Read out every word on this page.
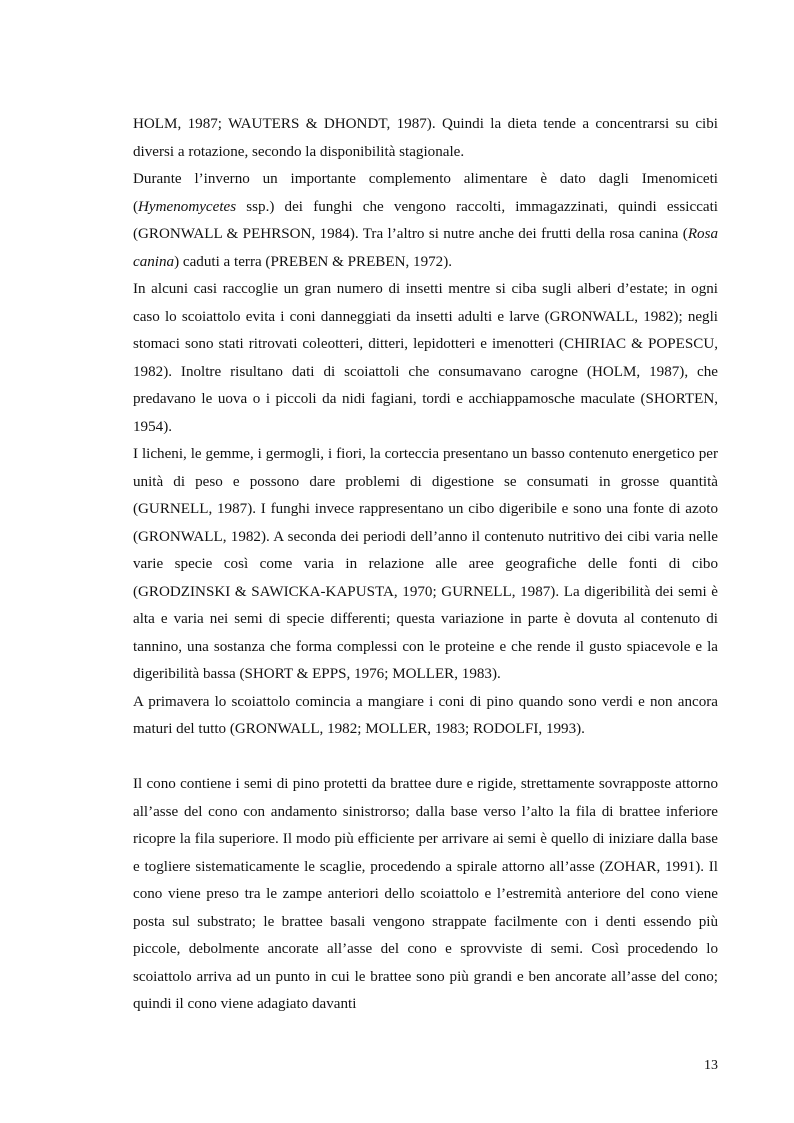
HOLM, 1987; WAUTERS & DHONDT, 1987). Quindi la dieta tende a concentrarsi su cibi diversi a rotazione, secondo la disponibilità stagionale.

Durante l’inverno un importante complemento alimentare è dato dagli Imenomiceti (Hymenomycetes ssp.) dei funghi che vengono raccolti, immagazzinati, quindi essiccati (GRONWALL & PEHRSON, 1984). Tra l’altro si nutre anche dei frutti della rosa canina (Rosa canina) caduti a terra (PREBEN & PREBEN, 1972).

In alcuni casi raccoglie un gran numero di insetti mentre si ciba sugli alberi d’estate; in ogni caso lo scoiattolo evita i coni danneggiati da insetti adulti e larve (GRONWALL, 1982); negli stomaci sono stati ritrovati coleotteri, ditteri, lepidotteri e imenotteri (CHIRIAC & POPESCU, 1982). Inoltre risultano dati di scoiattoli che consumavano carogne (HOLM, 1987), che predavano le uova o i piccoli da nidi fagiani, tordi e acchiappamosche maculate (SHORTEN, 1954).

I licheni, le gemme, i germogli, i fiori, la corteccia presentano un basso contenuto energetico per unità di peso e possono dare problemi di digestione se consumati in grosse quantità (GURNELL, 1987). I funghi invece rappresentano un cibo digeribile e sono una fonte di azoto (GRONWALL, 1982). A seconda dei periodi dell’anno il contenuto nutritivo dei cibi varia nelle varie specie così come varia in relazione alle aree geografiche delle fonti di cibo (GRODZINSKI & SAWICKA-KAPUSTA, 1970; GURNELL, 1987). La digeribilità dei semi è alta e varia nei semi di specie differenti; questa variazione in parte è dovuta al contenuto di tannino, una sostanza che forma complessi con le proteine e che rende il gusto spiacevole e la digeribilità bassa (SHORT & EPPS, 1976; MOLLER, 1983).

A primavera lo scoiattolo comincia a mangiare i coni di pino quando sono verdi e non ancora maturi del tutto (GRONWALL, 1982; MOLLER, 1983; RODOLFI, 1993).

Il cono contiene i semi di pino protetti da brattee dure e rigide, strettamente sovrapposte attorno all’asse del cono con andamento sinistrorso; dalla base verso l’alto la fila di brattee inferiore ricopre la fila superiore. Il modo più efficiente per arrivare ai semi è quello di iniziare dalla base e togliere sistematicamente le scaglie, procedendo a spirale attorno all’asse (ZOHAR, 1991). Il cono viene preso tra le zampe anteriori dello scoiattolo e l’estremità anteriore del cono viene posta sul substrato; le brattee basali vengono strappate facilmente con i denti essendo più piccole, debolmente ancorate all’asse del cono e sprovviste di semi. Così procedendo lo scoiattolo arriva ad un punto in cui le brattee sono più grandi e ben ancorate all’asse del cono; quindi il cono viene adagiato davanti

13
